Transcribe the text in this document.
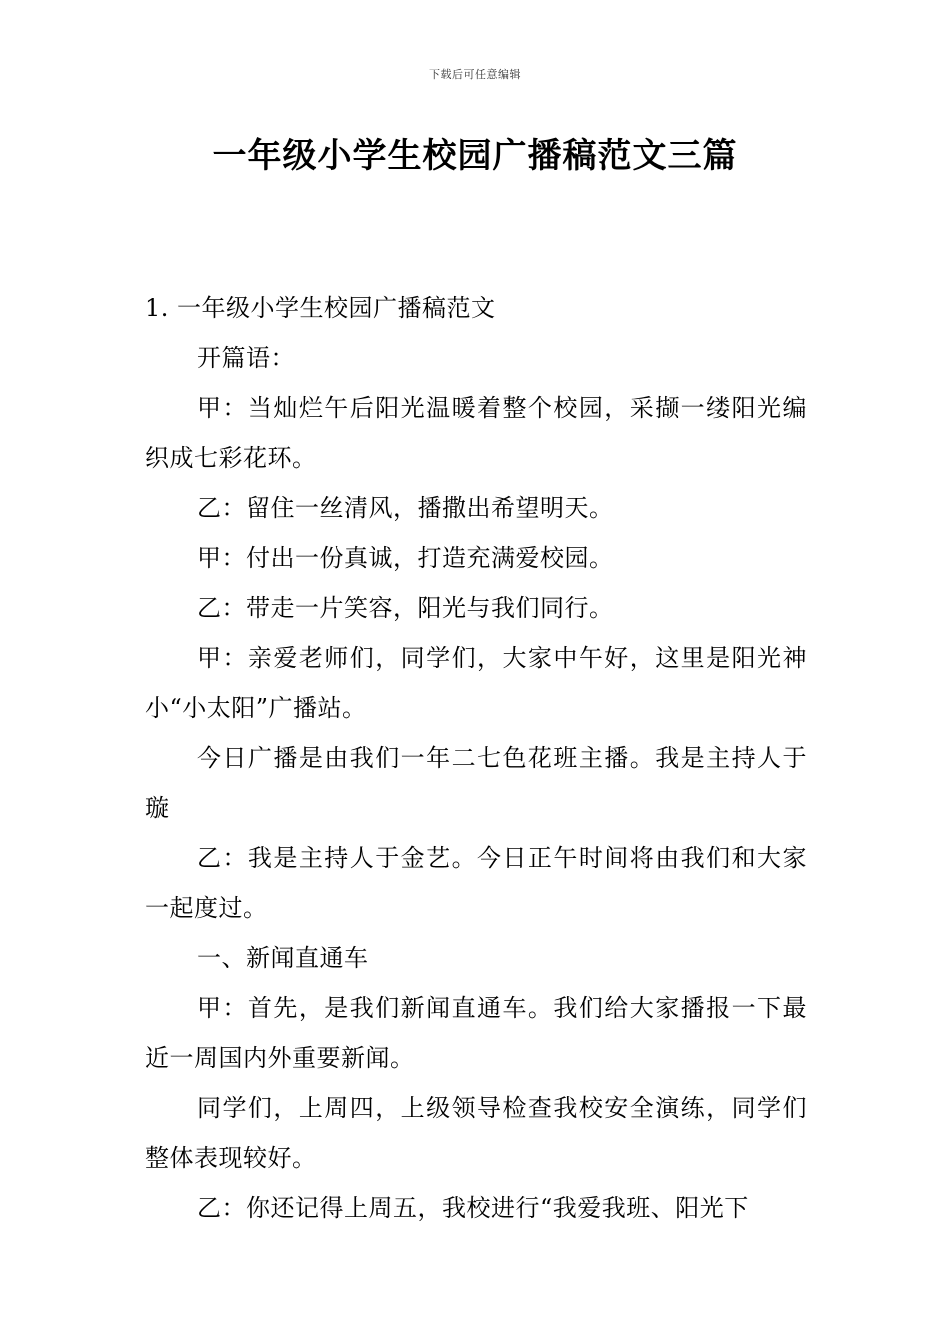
下载后可任意编辑
一年级小学生校园广播稿范文三篇
1. 一年级小学生校园广播稿范文

开篇语：

甲：当灿烂午后阳光温暖着整个校园，采撷一缕阳光编织成七彩花环。

乙：留住一丝清风，播撒出希望明天。

甲：付出一份真诚，打造充满爱校园。

乙：带走一片笑容，阳光与我们同行。

甲：亲爱老师们，同学们，大家中午好，这里是阳光神小“小太阳”广播站。

今日广播是由我们一年二七色花班主播。我是主持人于璇

乙：我是主持人于金艺。今日正午时间将由我们和大家一起度过。

一、新闻直通车

甲：首先，是我们新闻直通车。我们给大家播报一下最近一周国内外重要新闻。

同学们，上周四，上级领导检查我校安全演练，同学们整体表现较好。

乙：你还记得上周五，我校进行“我爱我班、阳光下
